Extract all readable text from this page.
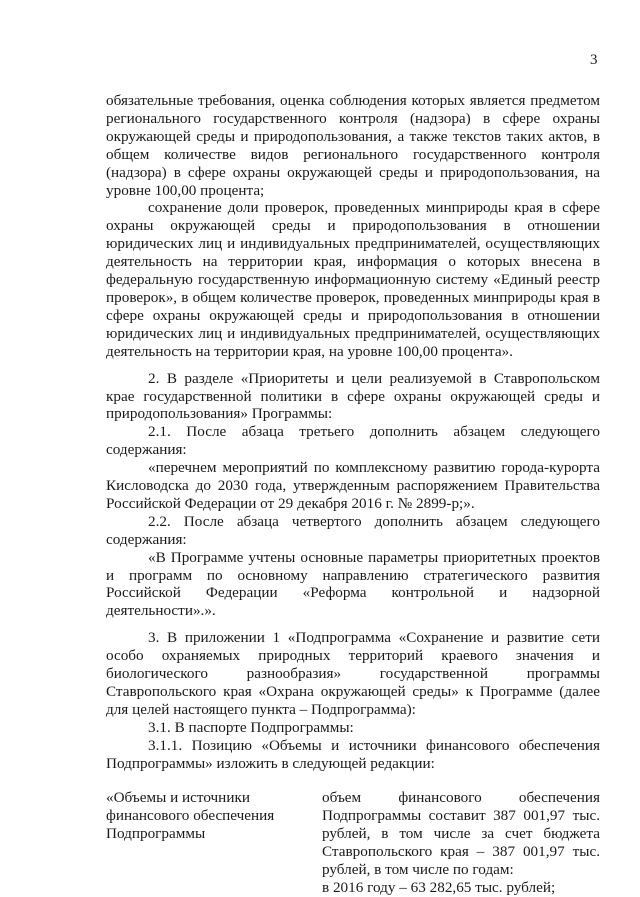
3

обязательные требования, оценка соблюдения которых является предметом регионального государственного контроля (надзора) в сфере охраны окружающей среды и природопользования, а также текстов таких актов, в общем количестве видов регионального государственного контроля (надзора) в сфере охраны окружающей среды и природопользования, на уровне 100,00 процента;

сохранение доли проверок, проведенных минприроды края в сфере охраны окружающей среды и природопользования в отношении юридических лиц и индивидуальных предпринимателей, осуществляющих деятельность на территории края, информация о которых внесена в федеральную государственную информационную систему «Единый реестр проверок», в общем количестве проверок, проведенных минприроды края в сфере охраны окружающей среды и природопользования в отношении юридических лиц и индивидуальных предпринимателей, осуществляющих деятельность на территории края, на уровне 100,00 процента».

2. В разделе «Приоритеты и цели реализуемой в Ставропольском крае государственной политики в сфере охраны окружающей среды и природопользования» Программы:

2.1. После абзаца третьего дополнить абзацем следующего содержания:

«перечнем мероприятий по комплексному развитию города-курорта Кисловодска до 2030 года, утвержденным распоряжением Правительства Российской Федерации от 29 декабря 2016 г. № 2899-р;».

2.2. После абзаца четвертого дополнить абзацем следующего содержания:

«В Программе учтены основные параметры приоритетных проектов и программ по основному направлению стратегического развития Российской Федерации «Реформа контрольной и надзорной деятельности».».

3. В приложении 1 «Подпрограмма «Сохранение и развитие сети особо охраняемых природных территорий краевого значения и биологического разнообразия» государственной программы Ставропольского края «Охрана окружающей среды» к Программе (далее для целей настоящего пункта – Подпрограмма):

3.1. В паспорте Подпрограммы:

3.1.1. Позицию «Объемы и источники финансового обеспечения Подпрограммы» изложить в следующей редакции:

«Объемы и источники
финансового обеспечения
Подпрограммы

объем финансового обеспечения Подпрограммы составит 387 001,97 тыс. рублей, в том числе за счет бюджета Ставропольского края – 387 001,97 тыс. рублей, в том числе по годам:

в 2016 году – 63 282,65 тыс. рублей;
